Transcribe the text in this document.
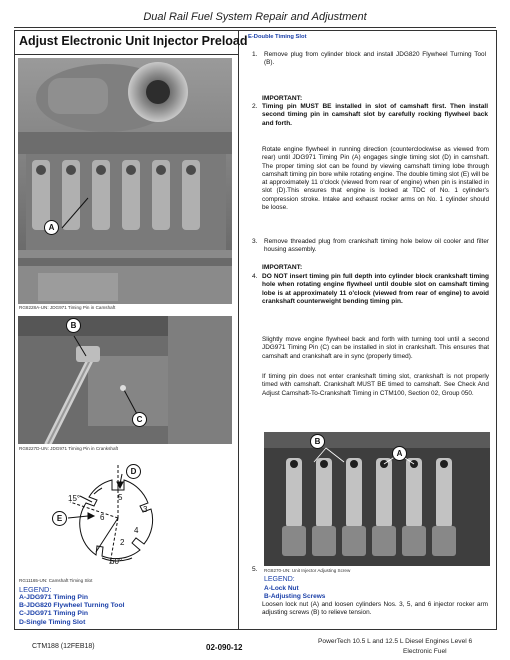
Dual Rail Fuel System Repair and Adjustment
Adjust Electronic Unit Injector Preload
A
RG8228A-UN: JDG971 Timing Pin in Camshaft
B
C
RG8227D-UN: JDG971 Timing Pin in Crankshaft
D
E
5
3
6
4
2
15°
60°
RG11165-UN: Camshaft Timing Slot
LEGEND:
A-JDG971 Timing Pin
B-JDG820 Flywheel Turning Tool
C-JDG971 Timing Pin
D-Single Timing Slot
E-Double Timing Slot
1. Remove plug from cylinder block and install JDG820 Flywheel Turning Tool (B).
IMPORTANT:
2. Timing pin MUST BE installed in slot of camshaft first. Then install second timing pin in camshaft slot by carefully rocking flywheel back and forth.
Rotate engine flywheel in running direction (counterclockwise as viewed from rear) until JDG971 Timing Pin (A) engages single timing slot (D) in camshaft. The proper timing slot can be found by viewing camshaft timing lobe through camshaft timing pin bore while rotating engine. The double timing slot (E) will be at approximately 11 o'clock (viewed from rear of engine) when pin is installed in slot (D).This ensures that engine is locked at TDC of No. 1 cylinder's compression stroke. Intake and exhaust rocker arms on No. 1 cylinder should be loose.
3. Remove threaded plug from crankshaft timing hole below oil cooler and filter housing assembly.
IMPORTANT:
4. DO NOT insert timing pin full depth into cylinder block crankshaft timing hole when rotating engine flywheel until double slot on camshaft timing lobe is at approximately 11 o'clock (viewed from rear of engine) to avoid crankshaft counterweight bending timing pin.
Slightly move engine flywheel back and forth with turning tool until a second JDG971 Timing Pin (C) can be installed in slot in crankshaft. This ensures that camshaft and crankshaft are in sync (properly timed).
If timing pin does not enter crankshaft timing slot, crankshaft is not properly timed with camshaft. Crankshaft MUST BE timed to camshaft. See Check And Adjust Camshaft-To-Crankshaft Timing in CTM100, Section 02, Group 050.
B
A
5. RG8270-UN: Unit Injector Adjusting Screw
LEGEND:
A-Lock Nut
B-Adjusting Screws
Loosen lock nut (A) and loosen cylinders Nos. 3, 5, and 6 injector rocker arm adjusting screws (B) to relieve tension.
CTM188 (12FEB18)	02-090-12
PowerTech 10.5 L and 12.5 L Diesel Engines Level 6
Electronic Fuel
